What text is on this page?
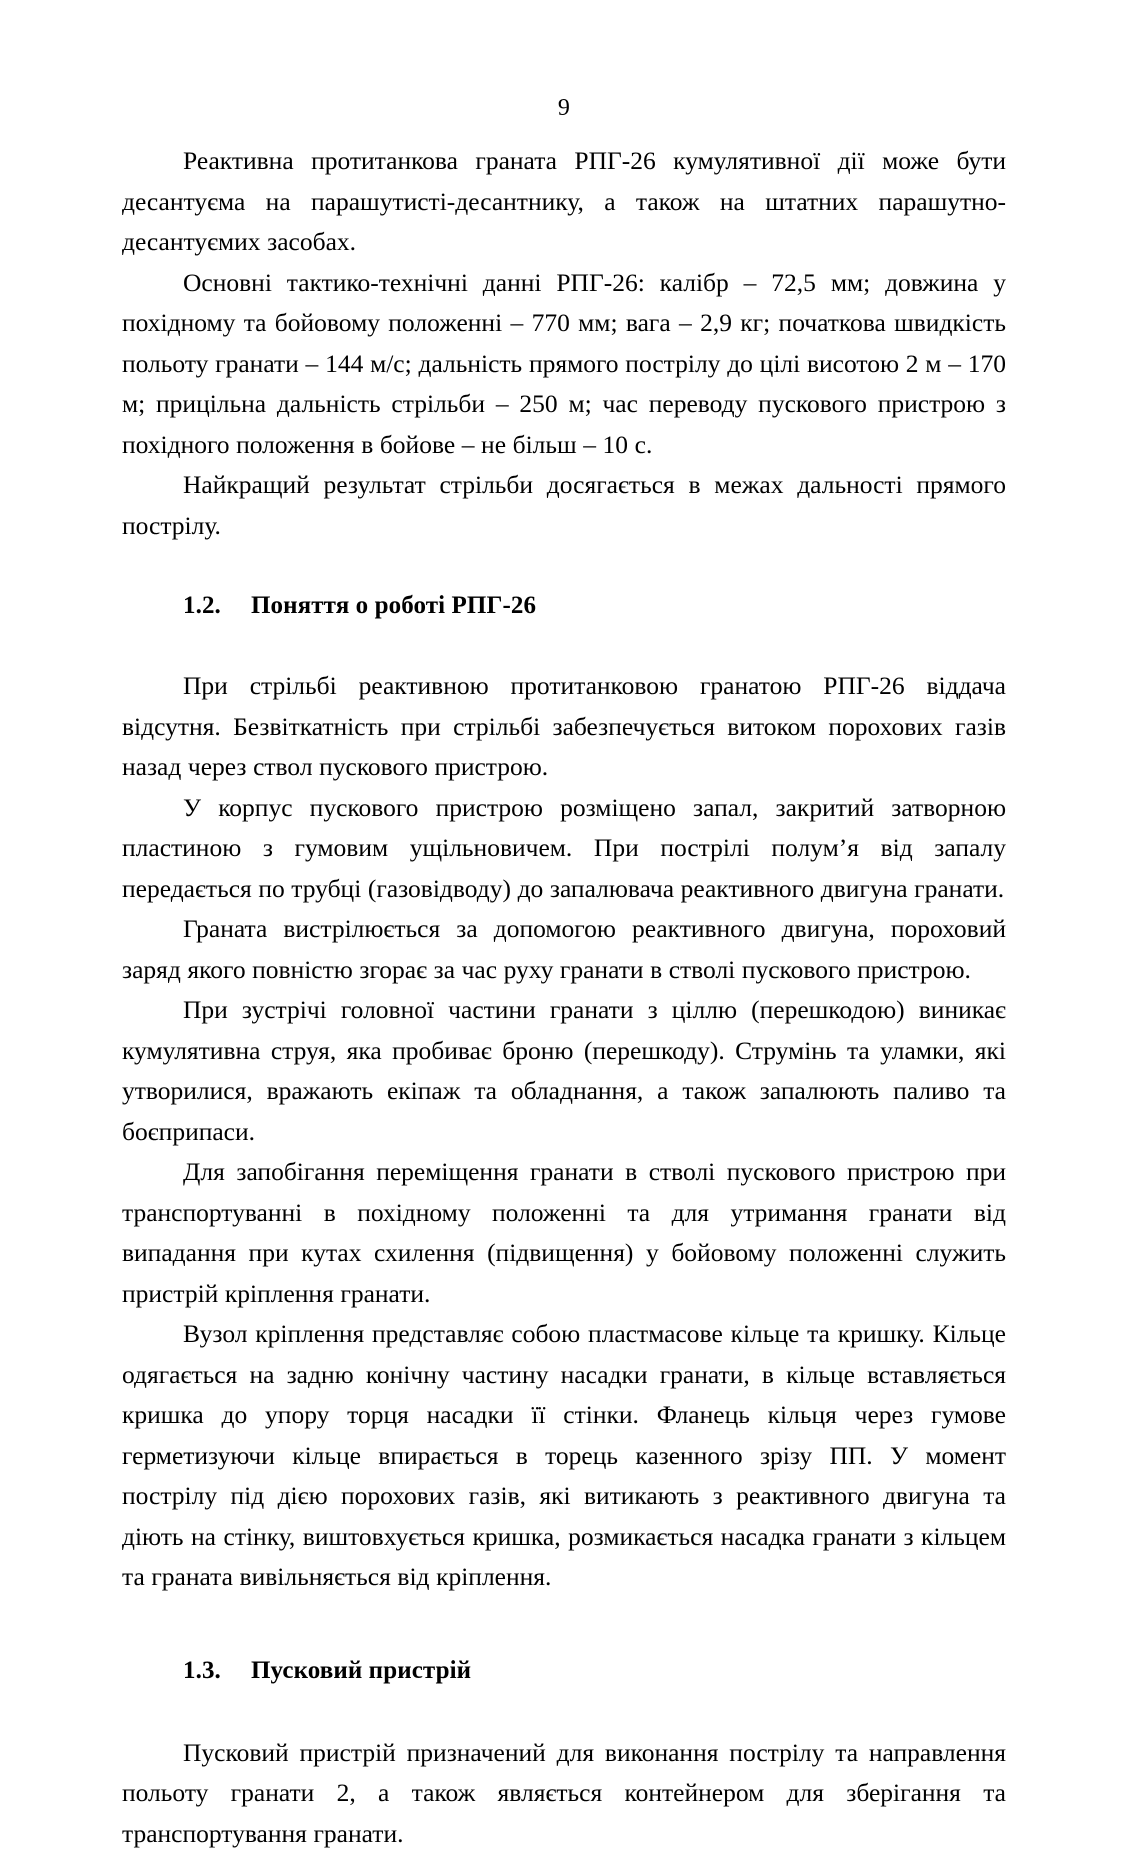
9

Реактивна протитанкова граната РПГ-26 кумулятивної дії може бути десантуєма на парашутисті-десантнику, а також на штатних парашутно-десантуємих засобах.

Основні тактико-технічні данні РПГ-26: калібр – 72,5 мм; довжина у похідному та бойовому положенні – 770 мм; вага – 2,9 кг; початкова швидкість польоту гранати – 144 м/с; дальність прямого пострілу до цілі висотою 2 м – 170 м; прицільна дальність стрільби – 250 м; час переводу пускового пристрою з похідного положення в бойове – не більш – 10 с.

Найкращий результат стрільби досягається в межах дальності прямого пострілу.

1.2. Поняття о роботі РПГ-26

При стрільбі реактивною протитанковою гранатою РПГ-26 віддача відсутня. Безвіткатність при стрільбі забезпечується витоком порохових газів назад через ствол пускового пристрою.

У корпус пускового пристрою розміщено запал, закритий затворною пластиною з гумовим ущільновичем. При пострілі полум’я від запалу передається по трубці (газовідводу) до запалювача реактивного двигуна гранати.

Граната вистрілюється за допомогою реактивного двигуна, пороховий заряд якого повністю згорає за час руху гранати в стволі пускового пристрою.

При зустрічі головної частини гранати з ціллю (перешкодою) виникає кумулятивна струя, яка пробиває броню (перешкоду). Струмінь та уламки, які утворилися, вражають екіпаж та обладнання, а також запалюють паливо та боєприпаси.

Для запобігання переміщення гранати в стволі пускового пристрою при транспортуванні в похідному положенні та для утримання гранати від випадання при кутах схилення (підвищення) у бойовому положенні служить пристрій кріплення гранати.

Вузол кріплення представляє собою пластмасове кільце та кришку. Кільце одягається на задню конічну частину насадки гранати, в кільце вставляється кришка до упору торця насадки її стінки. Фланець кільця через гумове герметизуючи кільце впирається в торець казенного зрізу ПП. У момент пострілу під дією порохових газів, які витикають з реактивного двигуна та діють на стінку, виштовхується кришка, розмикається насадка гранати з кільцем та граната вивільняється від кріплення.

1.3. Пусковий пристрій

Пусковий пристрій призначений для виконання пострілу та направлення польоту гранати 2, а також являється контейнером для зберігання та транспортування гранати.
